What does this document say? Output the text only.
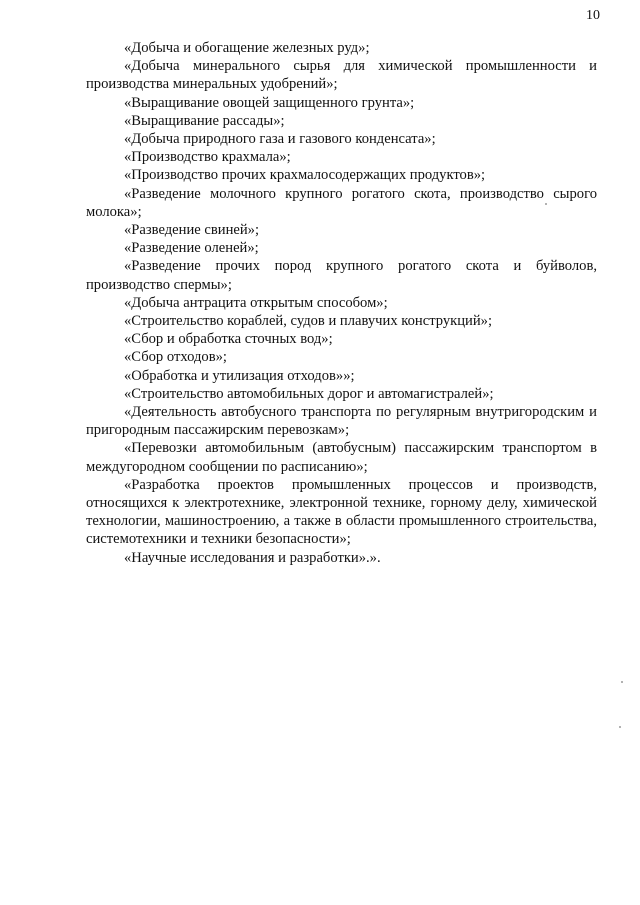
10

«Добыча и обогащение железных руд»;

«Добыча минерального сырья для химической промышленности и производства минеральных удобрений»;

«Выращивание овощей защищенного грунта»;

«Выращивание рассады»;

«Добыча природного газа и газового конденсата»;

«Производство крахмала»;

«Производство прочих крахмалосодержащих продуктов»;

«Разведение молочного крупного рогатого скота, производство сырого молока»;

«Разведение свиней»;

«Разведение оленей»;

«Разведение прочих пород крупного рогатого скота и буйволов, производство спермы»;

«Добыча антрацита открытым способом»;

«Строительство кораблей, судов и плавучих конструкций»;

«Сбор и обработка сточных вод»;

«Сбор отходов»;

«Обработка и утилизация отходов»»;

«Строительство автомобильных дорог и автомагистралей»;

«Деятельность автобусного транспорта по регулярным внутригородским и пригородным пассажирским перевозкам»;

«Перевозки автомобильным (автобусным) пассажирским транспортом в междугородном сообщении по расписанию»;

«Разработка проектов промышленных процессов и производств, относящихся к электротехнике, электронной технике, горному делу, химической технологии, машиностроению, а также в области промышленного строительства, системотехники и техники безопасности»;

«Научные исследования и разработки».».
